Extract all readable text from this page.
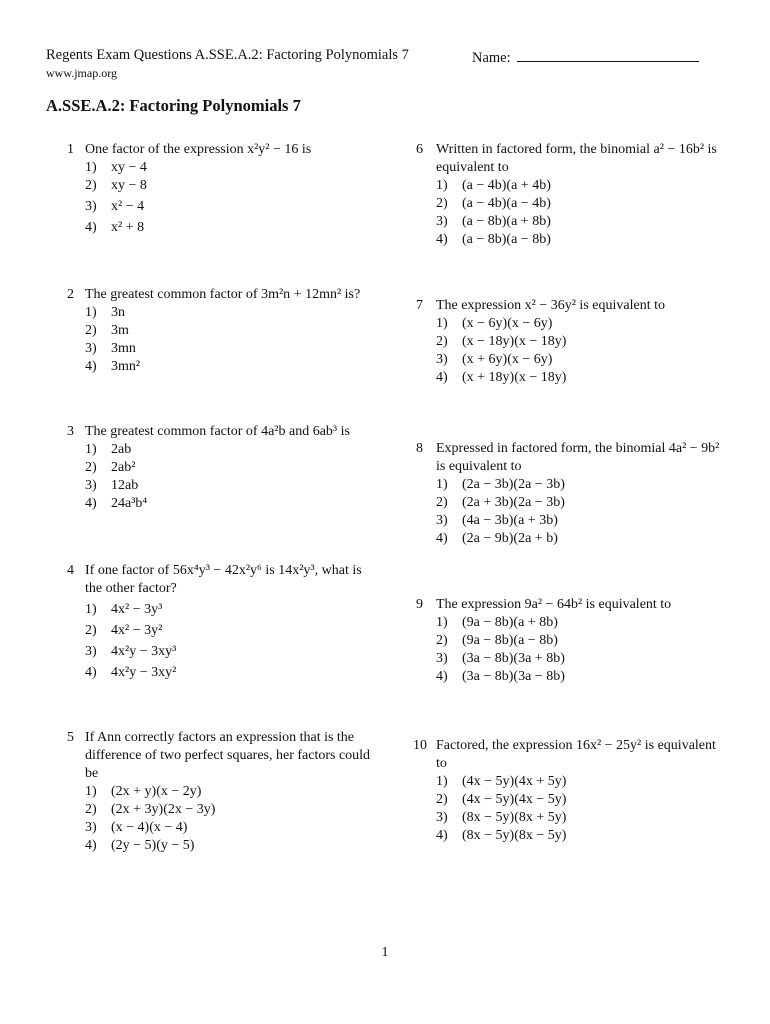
Regents Exam Questions A.SSE.A.2: Factoring Polynomials 7	Name:
www.jmap.org
A.SSE.A.2: Factoring Polynomials 7
1 One factor of the expression x²y² − 16 is
1)	xy − 4
2)	xy − 8
3)	x² − 4
4)	x² + 8
2 The greatest common factor of 3m²n + 12mn² is?
1)	3n
2)	3m
3)	3mn
4)	3mn²
3 The greatest common factor of 4a²b and 6ab³ is
1)	2ab
2)	2ab²
3)	12ab
4)	24a³b⁴
4 If one factor of 56x⁴y³ − 42x²y⁶ is 14x²y³, what is
the other factor?
1)	4x² − 3y³
2)	4x² − 3y²
3)	4x²y − 3xy³
4)	4x²y − 3xy²
5 If Ann correctly factors an expression that is the
difference of two perfect squares, her factors could
be
1)	(2x + y)(x − 2y)
2)	(2x + 3y)(2x − 3y)
3)	(x − 4)(x − 4)
4)	(2y − 5)(y − 5)
6 Written in factored form, the binomial a² − 16b² is
equivalent to
1)	(a − 4b)(a + 4b)
2)	(a − 4b)(a − 4b)
3)	(a − 8b)(a + 8b)
4)	(a − 8b)(a − 8b)
7 The expression x² − 36y² is equivalent to
1)	(x − 6y)(x − 6y)
2)	(x − 18y)(x − 18y)
3)	(x + 6y)(x − 6y)
4)	(x + 18y)(x − 18y)
8 Expressed in factored form, the binomial 4a² − 9b²
is equivalent to
1)	(2a − 3b)(2a − 3b)
2)	(2a + 3b)(2a − 3b)
3)	(4a − 3b)(a + 3b)
4)	(2a − 9b)(2a + b)
9 The expression 9a² − 64b² is equivalent to
1)	(9a − 8b)(a + 8b)
2)	(9a − 8b)(a − 8b)
3)	(3a − 8b)(3a + 8b)
4)	(3a − 8b)(3a − 8b)
10 Factored, the expression 16x² − 25y² is equivalent
to
1)	(4x − 5y)(4x + 5y)
2)	(4x − 5y)(4x − 5y)
3)	(8x − 5y)(8x + 5y)
4)	(8x − 5y)(8x − 5y)
1
